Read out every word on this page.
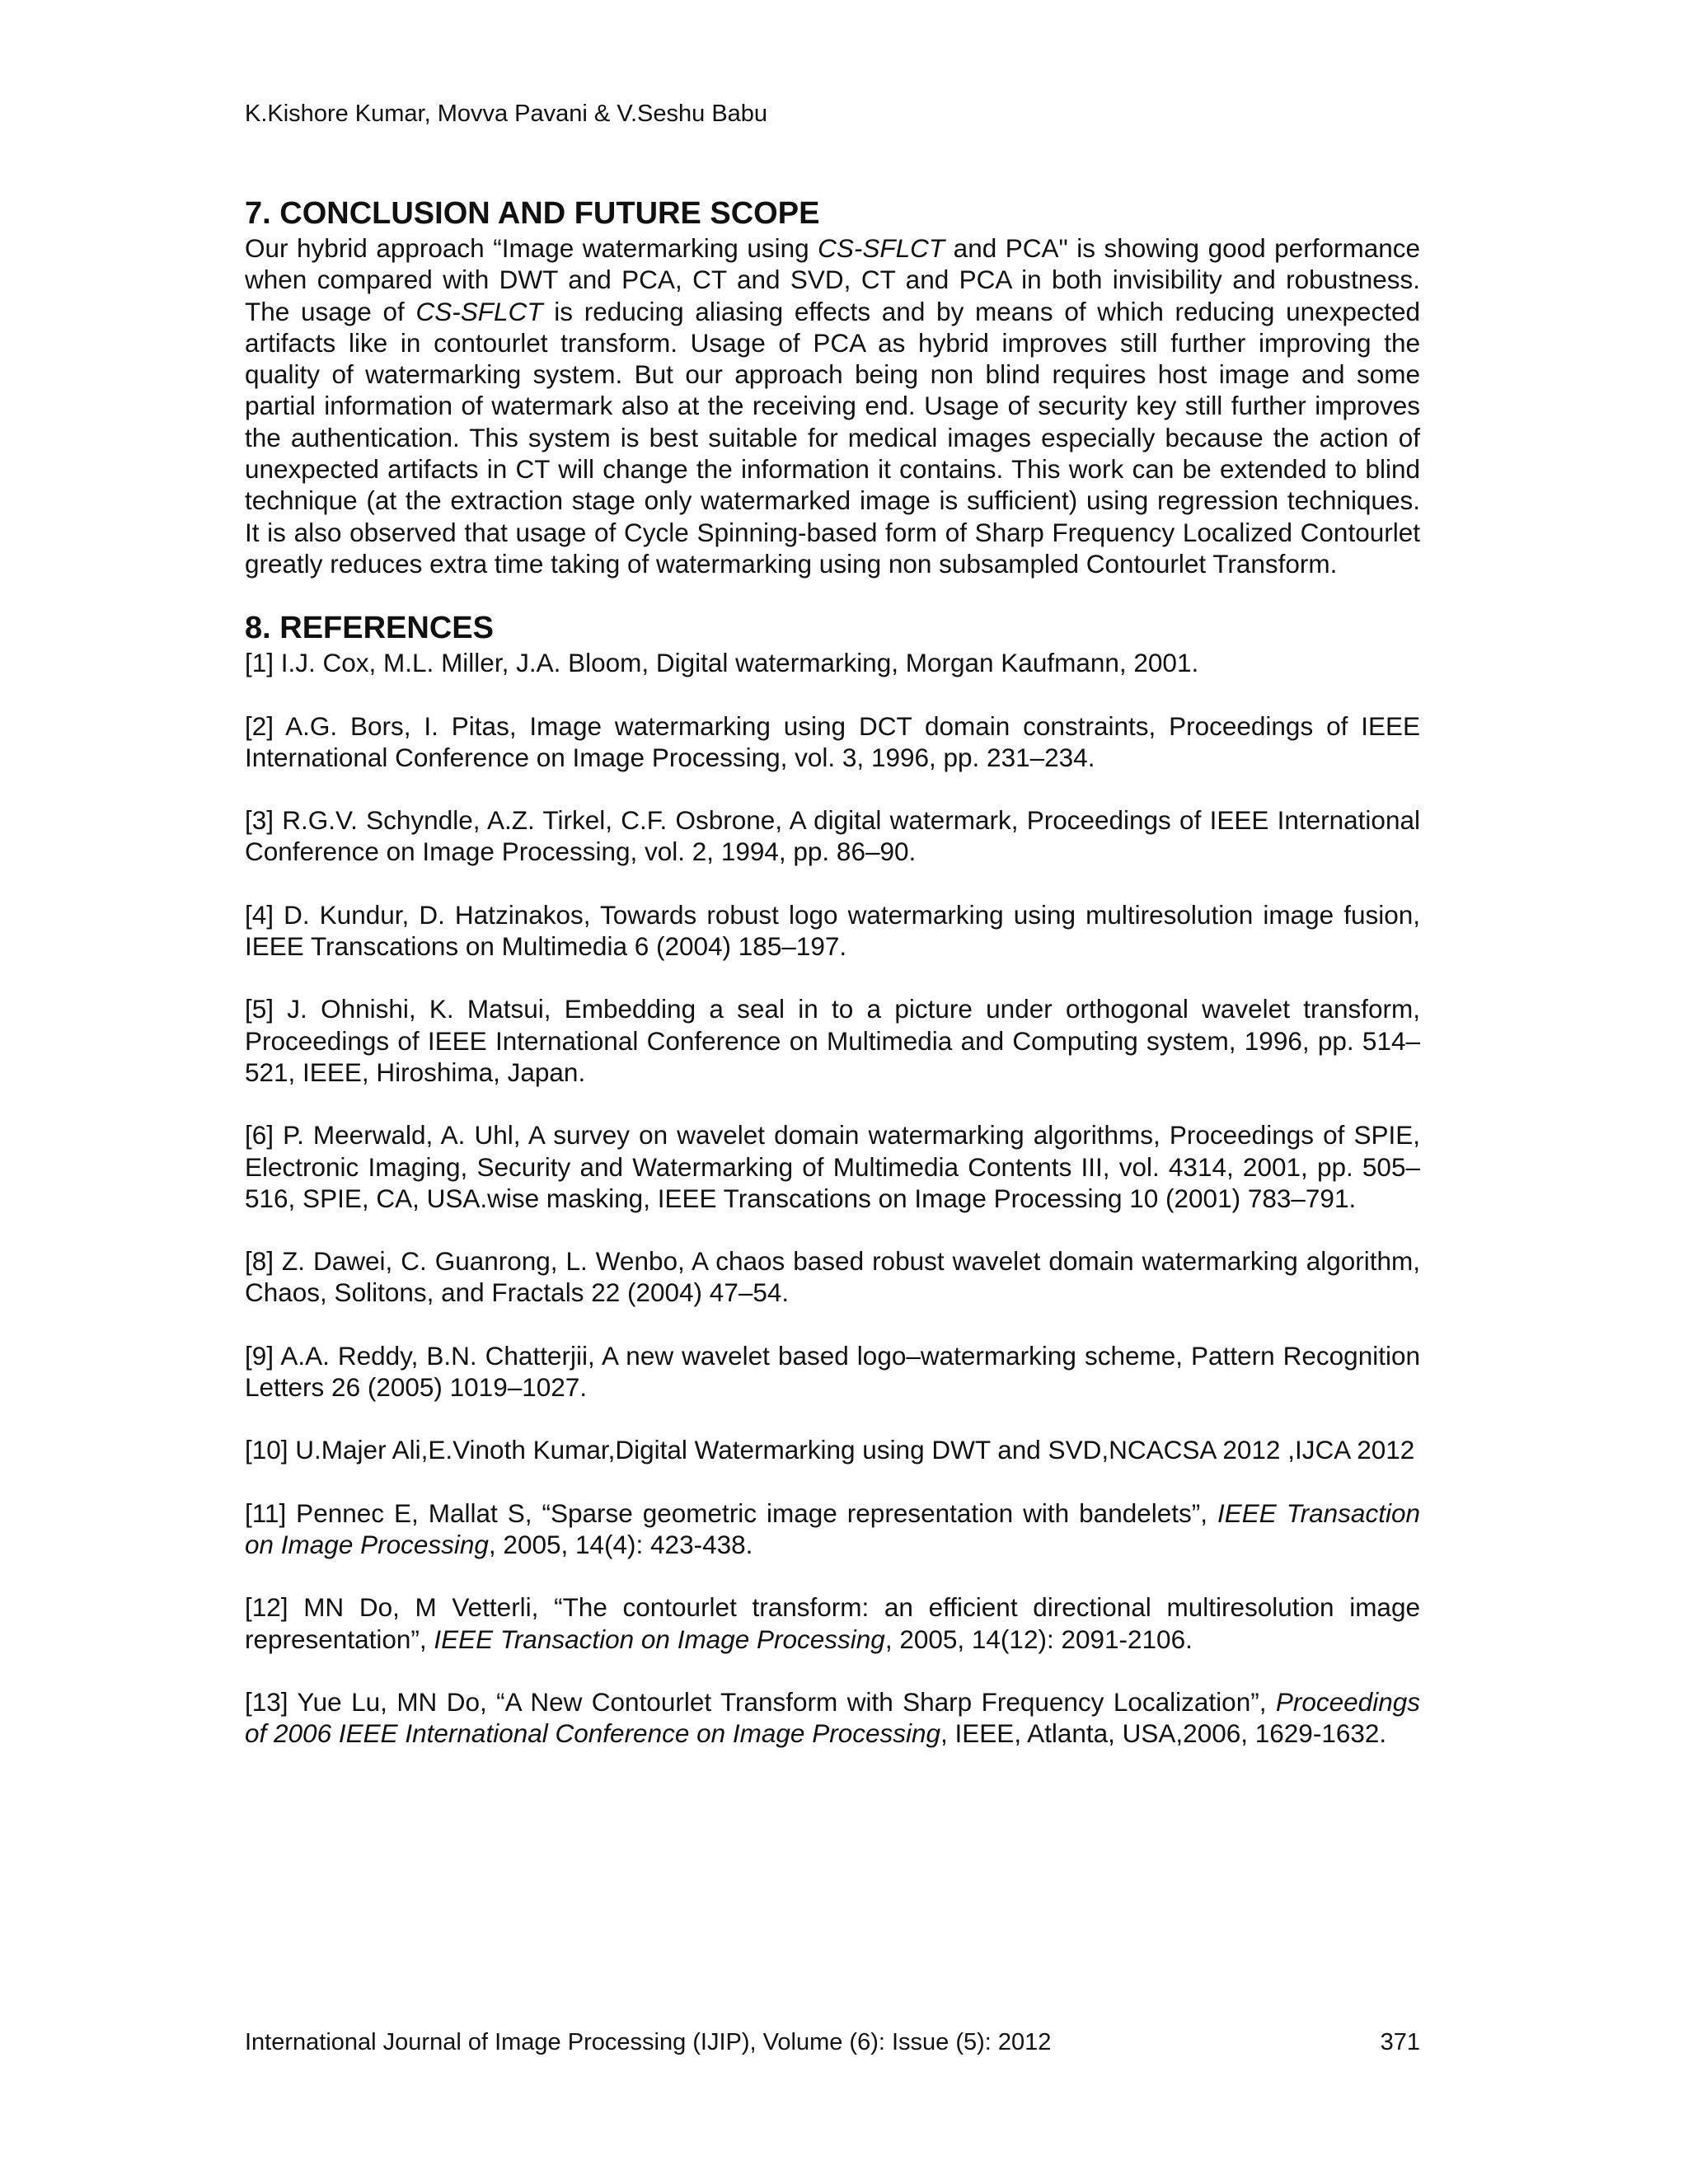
K.Kishore Kumar, Movva Pavani & V.Seshu Babu
7. CONCLUSION AND FUTURE SCOPE

Our hybrid approach “Image watermarking using CS-SFLCT and PCA" is showing good performance when compared with DWT and PCA, CT and SVD, CT and PCA in both invisibility and robustness. The usage of CS-SFLCT is reducing aliasing effects and by means of which reducing unexpected artifacts like in contourlet transform. Usage of PCA as hybrid improves still further improving the quality of watermarking system. But our approach being non blind requires host image and some partial information of watermark also at the receiving end. Usage of security key still further improves the authentication. This system is best suitable for medical images especially because the action of unexpected artifacts in CT will change the information it contains. This work can be extended to blind technique (at the extraction stage only watermarked image is sufficient) using regression techniques. It is also observed that usage of Cycle Spinning-based form of Sharp Frequency Localized Contourlet greatly reduces extra time taking of watermarking using non subsampled Contourlet Transform.

8. REFERENCES

[1] I.J. Cox, M.L. Miller, J.A. Bloom, Digital watermarking, Morgan Kaufmann, 2001.

[2] A.G. Bors, I. Pitas, Image watermarking using DCT domain constraints, Proceedings of IEEE International Conference on Image Processing, vol. 3, 1996, pp. 231–234.

[3] R.G.V. Schyndle, A.Z. Tirkel, C.F. Osbrone, A digital watermark, Proceedings of IEEE International Conference on Image Processing, vol. 2, 1994, pp. 86–90.

[4] D. Kundur, D. Hatzinakos, Towards robust logo watermarking using multiresolution image fusion, IEEE Transcations on Multimedia 6 (2004) 185–197.

[5] J. Ohnishi, K. Matsui, Embedding a seal in to a picture under orthogonal wavelet transform, Proceedings of IEEE International Conference on Multimedia and Computing system, 1996, pp. 514–521, IEEE, Hiroshima, Japan.

[6] P. Meerwald, A. Uhl, A survey on wavelet domain watermarking algorithms, Proceedings of SPIE, Electronic Imaging, Security and Watermarking of Multimedia Contents III, vol. 4314, 2001, pp. 505–516, SPIE, CA, USA.wise masking, IEEE Transcations on Image Processing 10 (2001) 783–791.

[8] Z. Dawei, C. Guanrong, L. Wenbo, A chaos based robust wavelet domain watermarking algorithm, Chaos, Solitons, and Fractals 22 (2004) 47–54.

[9] A.A. Reddy, B.N. Chatterjii, A new wavelet based logo–watermarking scheme, Pattern Recognition Letters 26 (2005) 1019–1027.

[10] U.Majer Ali,E.Vinoth Kumar,Digital Watermarking using DWT and SVD,NCACSA 2012 ,IJCA 2012

[11] Pennec E, Mallat S, “Sparse geometric image representation with bandelets”, IEEE Transaction on Image Processing, 2005, 14(4): 423-438.

[12] MN Do, M Vetterli, “The contourlet transform: an efficient directional multiresolution image representation”, IEEE Transaction on Image Processing, 2005, 14(12): 2091-2106.

[13] Yue Lu, MN Do, “A New Contourlet Transform with Sharp Frequency Localization”, Proceedings of 2006 IEEE International Conference on Image Processing, IEEE, Atlanta, USA,2006, 1629-1632.

International Journal of Image Processing (IJIP), Volume (6): Issue (5): 2012	371
